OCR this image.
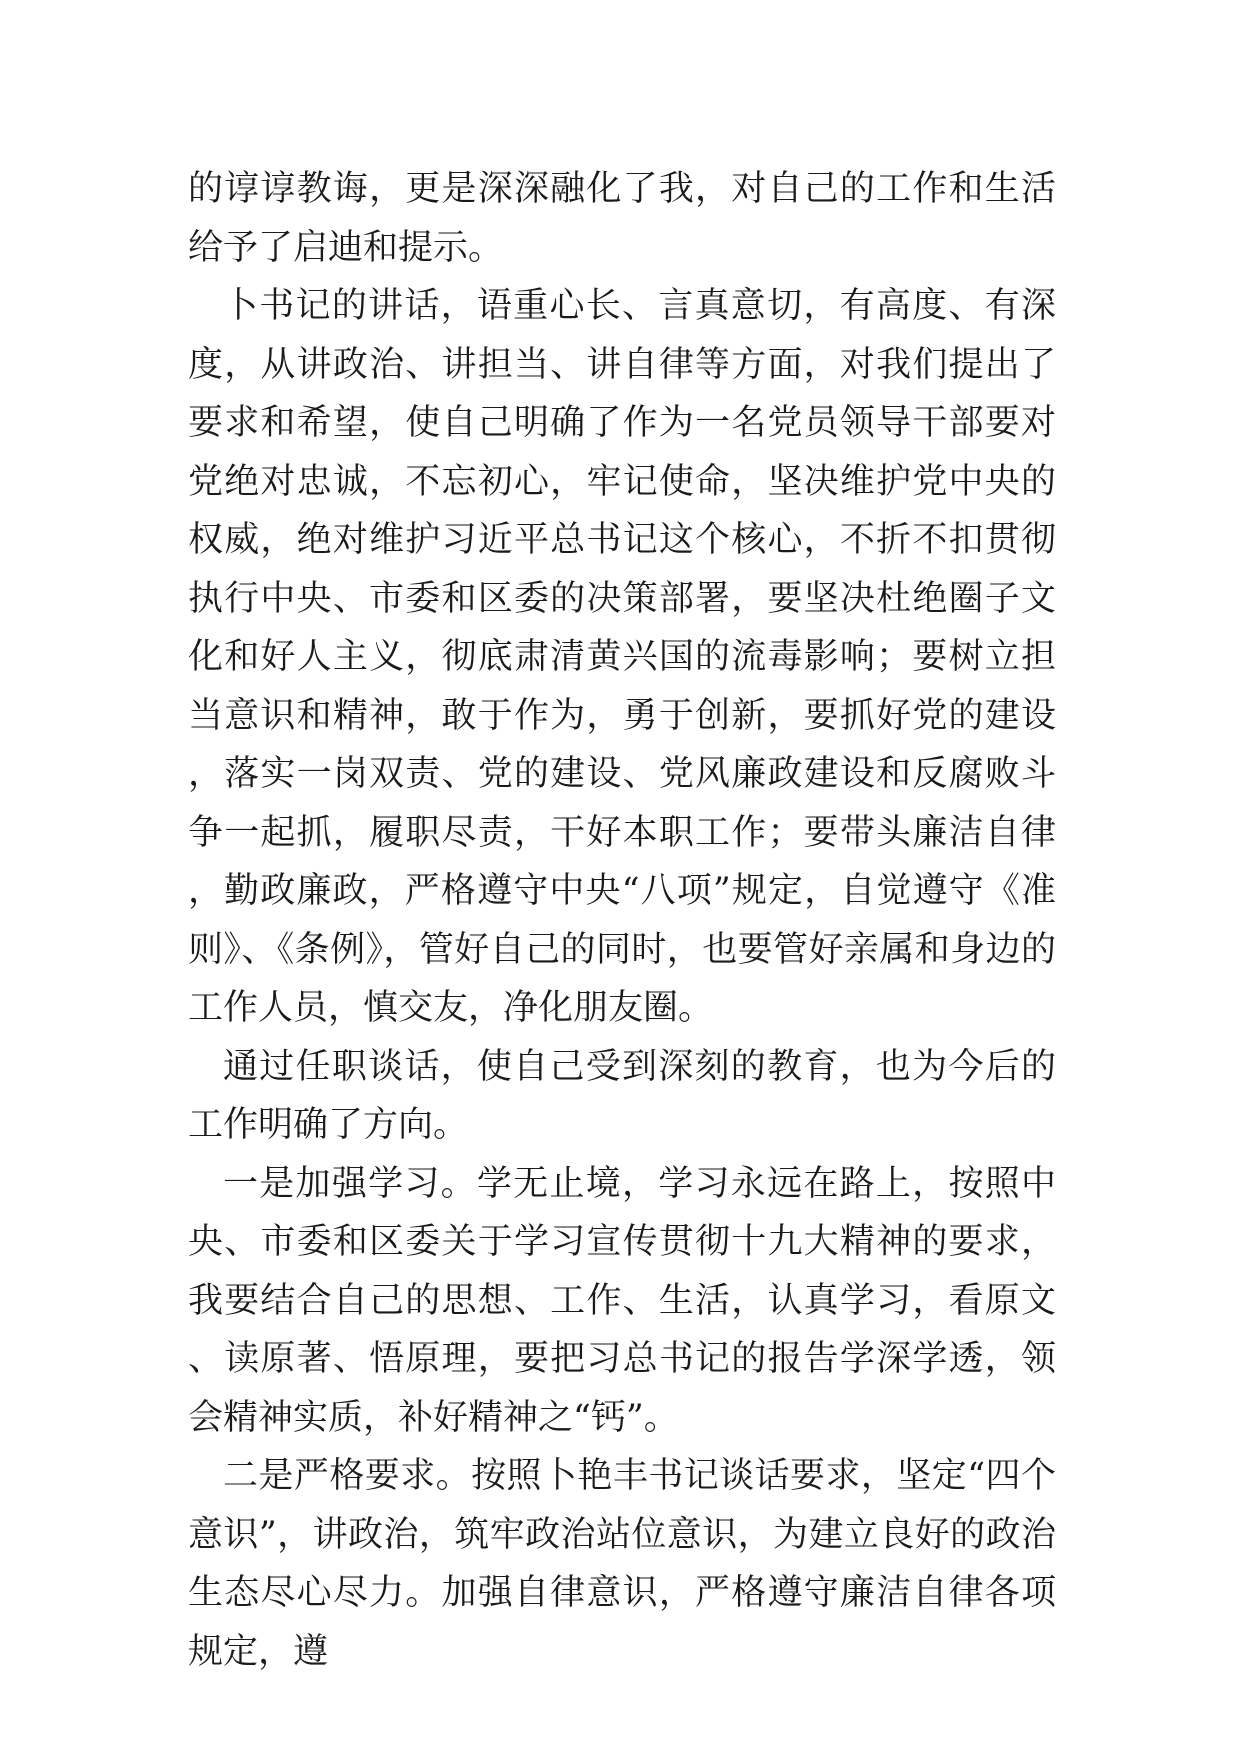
的谆谆教诲，更是深深融化了我，对自己的工作和生活给予了启迪和提示。

卜书记的讲话，语重心长、言真意切，有高度、有深度，从讲政治、讲担当、讲自律等方面，对我们提出了要求和希望，使自己明确了作为一名党员领导干部要对党绝对忠诚，不忘初心，牢记使命，坚决维护党中央的权威，绝对维护习近平总书记这个核心，不折不扣贯彻执行中央、市委和区委的决策部署，要坚决杜绝圈子文化和好人主义，彻底肃清黄兴国的流毒影响；要树立担当意识和精神，敢于作为，勇于创新，要抓好党的建设，落实一岗双责、党的建设、党风廉政建设和反腐败斗争一起抓，履职尽责，干好本职工作；要带头廉洁自律，勤政廉政，严格遵守中央“八项”规定，自觉遵守《准则》、《条例》，管好自己的同时，也要管好亲属和身边的工作人员，慎交友，净化朋友圈。

通过任职谈话，使自己受到深刻的教育，也为今后的工作明确了方向。

一是加强学习。学无止境，学习永远在路上，按照中央、市委和区委关于学习宣传贯彻十九大精神的要求，我要结合自己的思想、工作、生活，认真学习，看原文、读原著、悟原理，要把习总书记的报告学深学透，领会精神实质，补好精神之“钙”。

二是严格要求。按照卜艳丰书记谈话要求，坚定“四个意识”，讲政治，筑牢政治站位意识，为建立良好的政治生态尽心尽力。加强自律意识，严格遵守廉洁自律各项规定，遵
